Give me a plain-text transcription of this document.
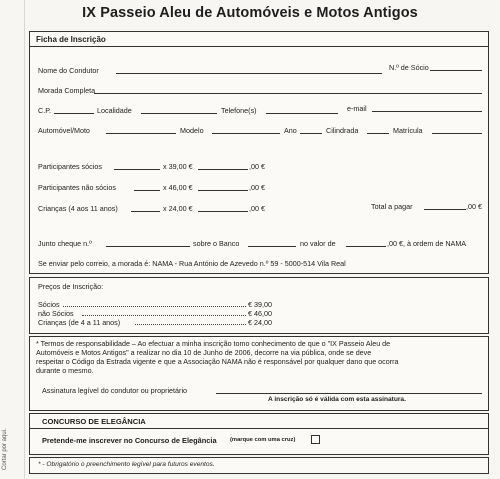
Cortar por aqui.
IX Passeio Aleu de Automóveis e Motos Antigos
Ficha de Inscrição
Nome do Condutor	N.º de Sócio
Morada Completa
C.P.	Localidade	Telefone(s)	e-mail
Automóvel/Moto	Modelo	Ano	Cilindrada	Matrícula
Participantes sócios	x 39,00 €	,00 €
Participantes não sócios	x 46,00 €	,00 €
Crianças (4 aos 11 anos)	x 24,00 €	,00 €	Total a pagar	,00 €
Junto cheque n.º	sobre o Banco	no valor de	,00 €, à ordem de NAMA
Se enviar pelo correio, a morada é: NAMA - Rua António de Azevedo n.º 59 - 5000-514 Vila Real
Preços de Inscrição:
Sócios	€ 39,00
não Sócios	€ 46,00
Crianças (de 4 a 11 anos)	€ 24,00
* Termos de responsabilidade – Ao efectuar a minha inscrição tomo conhecimento de que o "IX Passeio Aleu de
Automóveis e Motos Antigos" a realizar no dia 10 de Junho de 2006, decorre na via pública, onde se deve
respeitar o Código da Estrada vigente e que a Associação NAMA não é responsável por qualquer dano que ocorra
durante o mesmo.
Assinatura legível do condutor ou proprietário
A inscrição só é válida com esta assinatura.
CONCURSO DE ELEGÂNCIA
Pretende-me inscrever no Concurso de Elegância (marque com uma cruz)
* - Obrigatório o preenchimento legível para futuros eventos.
